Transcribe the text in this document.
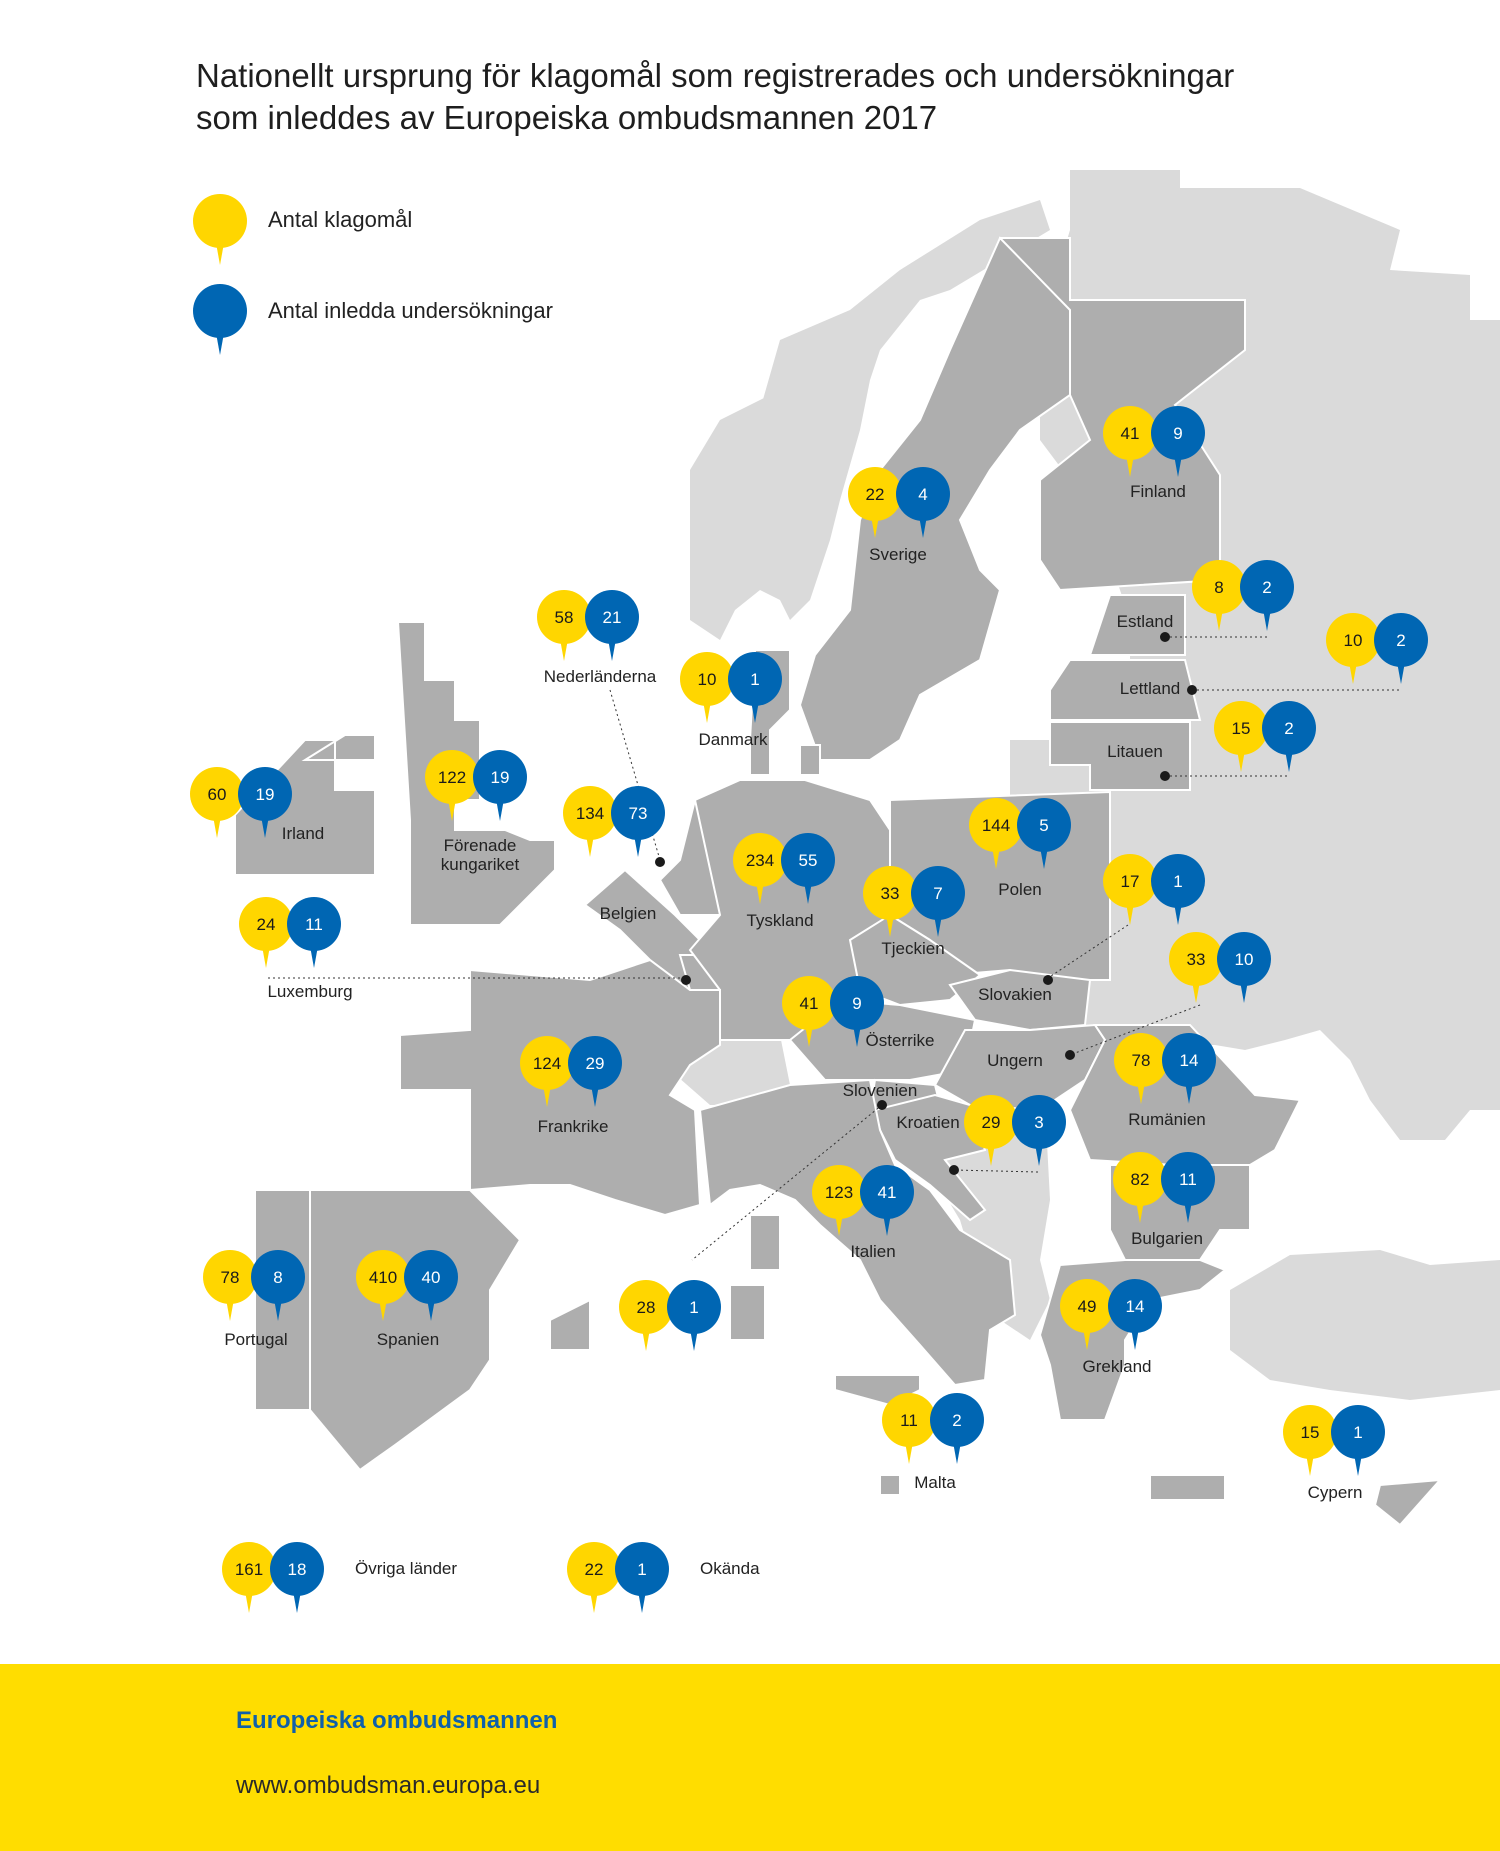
Nationellt ursprung för klagomål som registrerades och undersökningar
som inleddes av Europeiska ombudsmannen 2017
Antal klagomål
Antal inledda undersökningar
41	9
Finland
22	4
Sverige
8	2
Estland
10	2
Lettland
15	2
Litauen
58	21
Nederländerna	10	1
Danmark
60	19
Irland
122	19
Förenade kungariket
134	73
Belgien
234	55
Tyskland
144	5
Polen
33	7
Tjeckien
17	1
Slovakien
24	11
Luxemburg
33	10
Ungern
41	9
Österrike
124	29
Frankrike
78	14
Rumänien
29	3
Kroatien
82	11
Bulgarien
123	41
Italien
28	1
Slovenien
78	8
Portugal
410	40
Spanien
49	14
Grekland
11	2
Malta
15	1
Cypern
161	18	Övriga länder	22	1	Okända
Europeiska ombudsmannen
www.ombudsman.europa.eu
